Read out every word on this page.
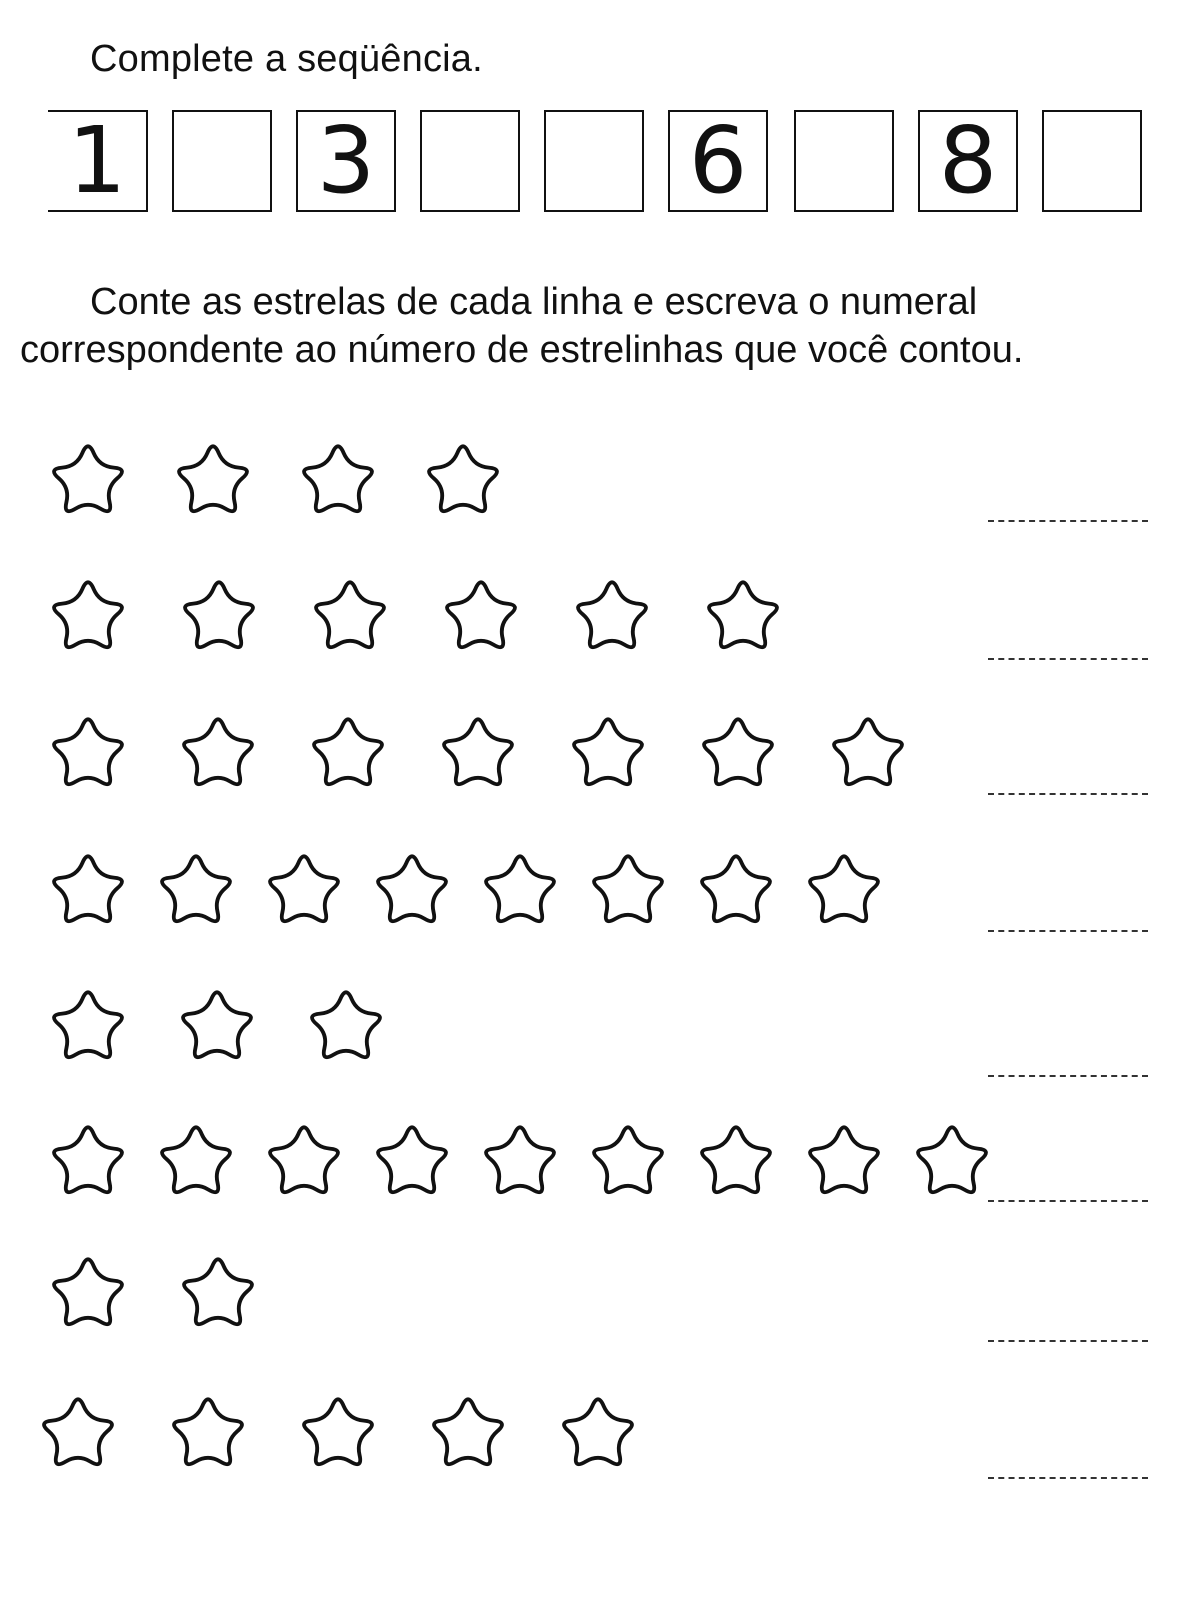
Complete a seqüência.
1 3	6 8
Conte as estrelas de cada linha e escreva o numeral
correspondente ao número de estrelinhas que você contou.
